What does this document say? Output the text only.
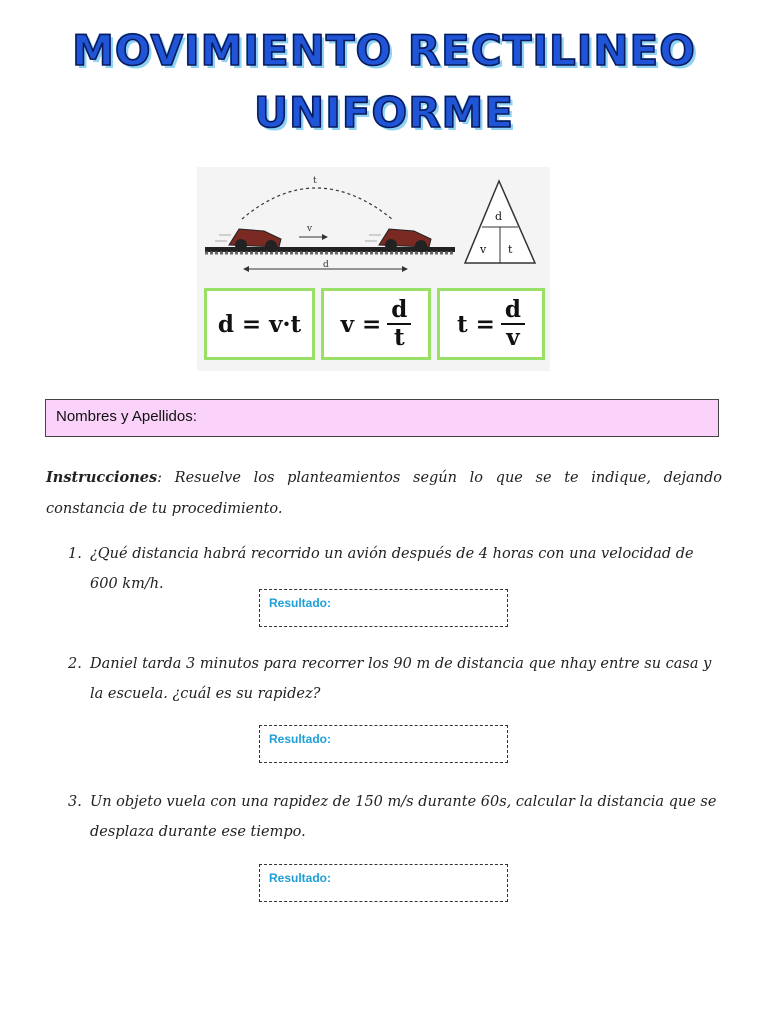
MOVIMIENTO RECTILINEO
UNIFORME
t
v
d
d
v t
d = v·t $v = \frac{d}{t}$ $t = \frac{d}{v}$
Nombres y Apellidos:
Instrucciones: Resuelve los planteamientos según lo que se te indique, dejando constancia de tu procedimiento.
1. ¿Qué distancia habrá recorrido un avión después de 4 horas con una velocidad de 600 km/h.
Resultado:
2. Daniel tarda 3 minutos para recorrer los 90 m de distancia que nhay entre su casa y la escuela. ¿cuál es su rapidez?
Resultado:
3. Un objeto vuela con una rapidez de 150 m/s durante 60s, calcular la distancia que se desplaza durante ese tiempo.
Resultado:
